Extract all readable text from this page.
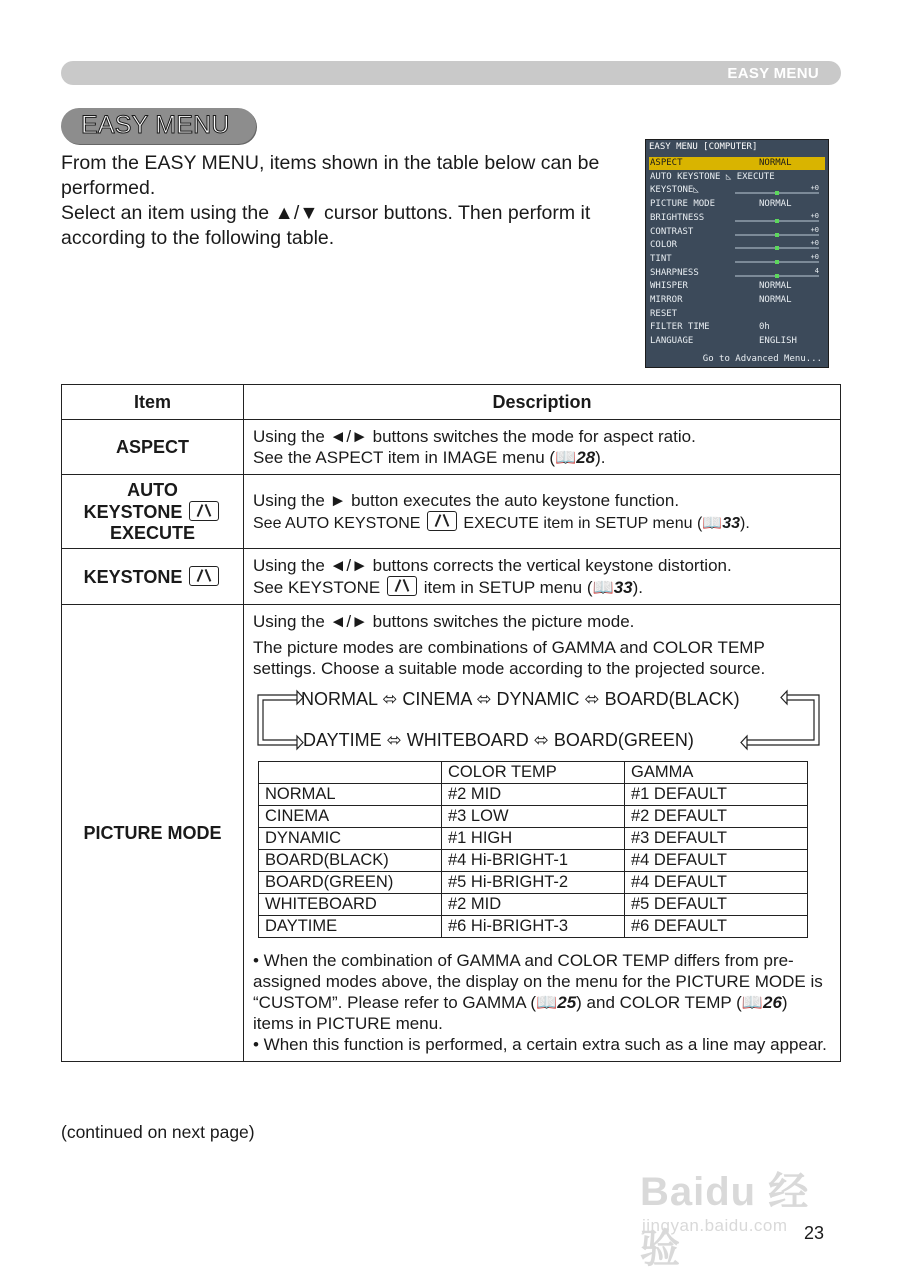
EASY MENU
EASY MENU

From the EASY MENU, items shown in the table below can be performed.

Select an item using the ▲/▼ cursor buttons. Then perform it according to the following table.

EASY MENU [COMPUTER]
ASPECT	NORMAL
AUTO KEYSTONE ◺ EXECUTE
KEYSTONE◺	+0
PICTURE MODE	NORMAL
BRIGHTNESS	+0
CONTRAST	+0
COLOR	+0
TINT	+0
SHARPNESS	4
WHISPER	NORMAL
MIRROR	NORMAL
RESET
FILTER TIME	0h
LANGUAGE	ENGLISH
Go to Advanced Menu...
Item	Description
ASPECT	Using the ◄/► buttons switches the mode for aspect ratio.

See the ASPECT item in IMAGE menu (📖28).

AUTO
KEYSTONE
EXECUTE

Using the ► button executes the auto keystone function.

See AUTO KEYSTONE	EXECUTE item in SETUP menu (📖33).

KEYSTONE	

Using the ◄/► buttons corrects the vertical keystone distortion.

See KEYSTONE	item in SETUP menu (📖33).

PICTURE MODE	

Using the ◄/► buttons switches the picture mode.

The picture modes are combinations of GAMMA and COLOR TEMP settings. Choose a suitable mode according to the projected source.

NORMAL ⬄ CINEMA ⬄ DYNAMIC ⬄ BOARD(BLACK)
DAYTIME ⬄ WHITEBOARD ⬄ BOARD(GREEN)
	COLOR TEMP	GAMMA
NORMAL	#2 MID	#1 DEFAULT
CINEMA	#3 LOW	#2 DEFAULT
DYNAMIC	#1 HIGH	#3 DEFAULT
BOARD(BLACK)	#4 Hi-BRIGHT-1	#4 DEFAULT
BOARD(GREEN)	#5 Hi-BRIGHT-2	#4 DEFAULT
WHITEBOARD	#2 MID	#5 DEFAULT
DAYTIME	#6 Hi-BRIGHT-3	#6 DEFAULT

• When the combination of GAMMA and COLOR TEMP differs from pre-assigned modes above, the display on the menu for the PICTURE MODE is “CUSTOM”. Please refer to GAMMA (📖25) and COLOR TEMP (📖26) items in PICTURE menu.

• When this function is performed, a certain extra such as a line may appear.

(continued on next page)
Baidu 经验
jingyan.baidu.com 23
